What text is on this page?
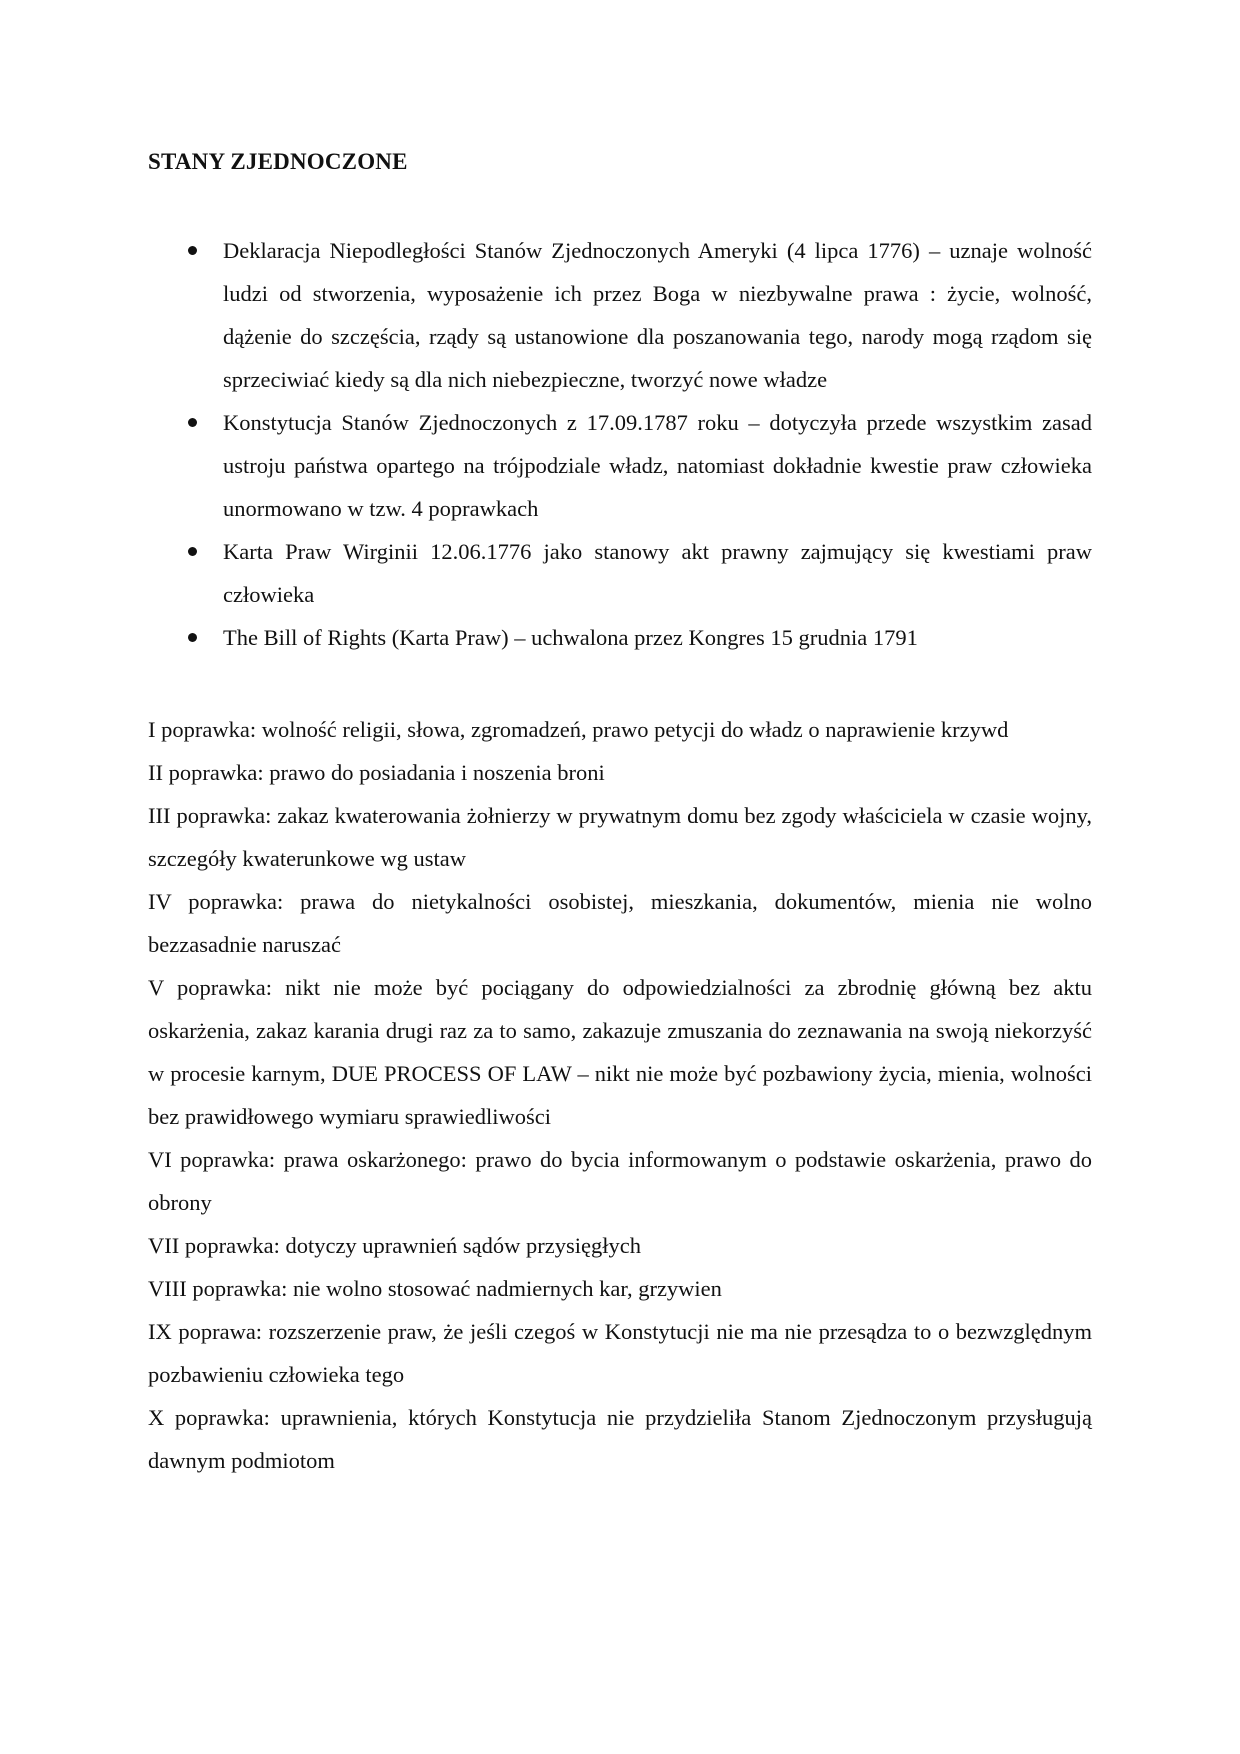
STANY ZJEDNOCZONE
Deklaracja Niepodległości Stanów Zjednoczonych Ameryki (4 lipca 1776) – uznaje wolność ludzi od stworzenia, wyposażenie ich przez Boga w niezbywalne prawa : życie, wolność, dążenie do szczęścia, rządy są ustanowione dla poszanowania tego, narody mogą rządom się sprzeciwiać kiedy są dla nich niebezpieczne, tworzyć nowe władze
Konstytucja Stanów Zjednoczonych z 17.09.1787 roku – dotyczyła przede wszystkim zasad ustroju państwa opartego na trójpodziale władz, natomiast dokładnie kwestie praw człowieka unormowano w tzw. 4 poprawkach
Karta Praw Wirginii 12.06.1776 jako stanowy akt prawny zajmujący się kwestiami praw człowieka
The Bill of Rights (Karta Praw) – uchwalona przez Kongres 15 grudnia 1791

I poprawka: wolność religii, słowa, zgromadzeń, prawo petycji do władz o naprawienie krzywd

II poprawka: prawo do posiadania i noszenia broni

III poprawka: zakaz kwaterowania żołnierzy w prywatnym domu bez zgody właściciela w czasie wojny, szczegóły kwaterunkowe wg ustaw

IV poprawka: prawa do nietykalności osobistej, mieszkania, dokumentów, mienia nie wolno bezzasadnie naruszać

V poprawka: nikt nie może być pociągany do odpowiedzialności za zbrodnię główną bez aktu oskarżenia, zakaz karania drugi raz za to samo, zakazuje zmuszania do zeznawania na swoją niekorzyść w procesie karnym, DUE PROCESS OF LAW – nikt nie może być pozbawiony życia, mienia, wolności bez prawidłowego wymiaru sprawiedliwości

VI poprawka: prawa oskarżonego: prawo do bycia informowanym o podstawie oskarżenia, prawo do obrony

VII poprawka: dotyczy uprawnień sądów przysięgłych

VIII poprawka: nie wolno stosować nadmiernych kar, grzywien

IX poprawa: rozszerzenie praw, że jeśli czegoś w Konstytucji nie ma nie przesądza to o bezwzględnym pozbawieniu człowieka tego

X poprawka: uprawnienia, których Konstytucja nie przydzieliła Stanom Zjednoczonym przysługują dawnym podmiotom
